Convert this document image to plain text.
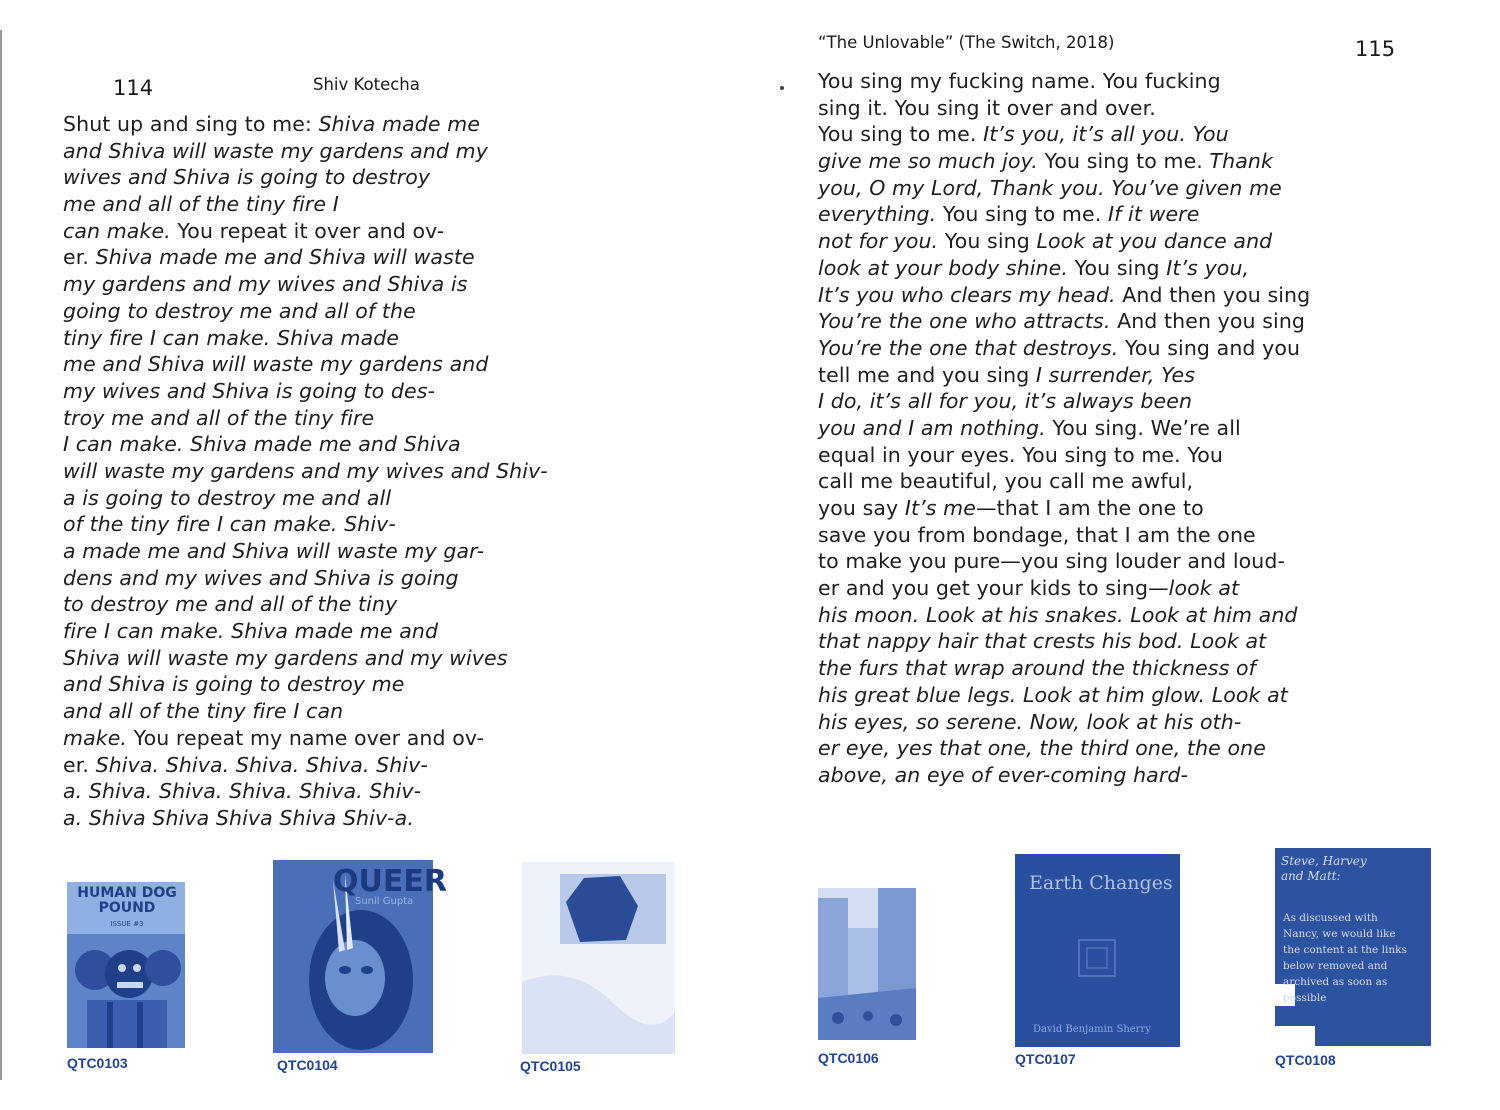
114	Shiv Kotecha
Shut up and sing to me: Shiva made me
and Shiva will waste my gardens and my
wives and Shiva is going to destroy
me and all of the tiny fire I
can make. You repeat it over and ov-
er. Shiva made me and Shiva will waste
my gardens and my wives and Shiva is
going to destroy me and all of the
tiny fire I can make. Shiva made
me and Shiva will waste my gardens and
my wives and Shiva is going to des-
troy me and all of the tiny fire
I can make. Shiva made me and Shiva
will waste my gardens and my wives and Shiv-
a is going to destroy me and all
of the tiny fire I can make. Shiv-
a made me and Shiva will waste my gar-
dens and my wives and Shiva is going
to destroy me and all of the tiny
fire I can make. Shiva made me and
Shiva will waste my gardens and my wives
and Shiva is going to destroy me
and all of the tiny fire I can
make. You repeat my name over and ov-
er. Shiva. Shiva. Shiva. Shiva. Shiv-
a. Shiva. Shiva. Shiva. Shiva. Shiv-
a. Shiva Shiva Shiva Shiva Shiv-a.
“The Unlovable” (The Switch, 2018)	115
You sing my fucking name. You fucking
sing it. You sing it over and over.
You sing to me. It’s you, it’s all you. You
give me so much joy. You sing to me. Thank
you, O my Lord, Thank you. You’ve given me
everything. You sing to me. If it were
not for you. You sing Look at you dance and
look at your body shine. You sing It’s you,
It’s you who clears my head. And then you sing
You’re the one who attracts. And then you sing
You’re the one that destroys. You sing and you
tell me and you sing I surrender, Yes
I do, it’s all for you, it’s always been
you and I am nothing. You sing. We’re all
equal in your eyes. You sing to me. You
call me beautiful, you call me awful,
you say It’s me—that I am the one to
save you from bondage, that I am the one
to make you pure—you sing louder and loud-
er and you get your kids to sing—look at
his moon. Look at his snakes. Look at him and
that nappy hair that crests his bod. Look at
the furs that wrap around the thickness of
his great blue legs. Look at him glow. Look at
his eyes, so serene. Now, look at his oth-
er eye, yes that one, the third one, the one
above, an eye of ever-coming hard-
HUMAN DOG POUND
ISSUE #3
QTC0103
QUEER
Sunil Gupta
QTC0104	QTC0105	QTC0106
Earth Changes
David Benjamin Sherry
QTC0107
Steve, Harvey and Matt:
As discussed with Nancy, we would like the content at the links below removed and archived as soon as possible
QTC0108
